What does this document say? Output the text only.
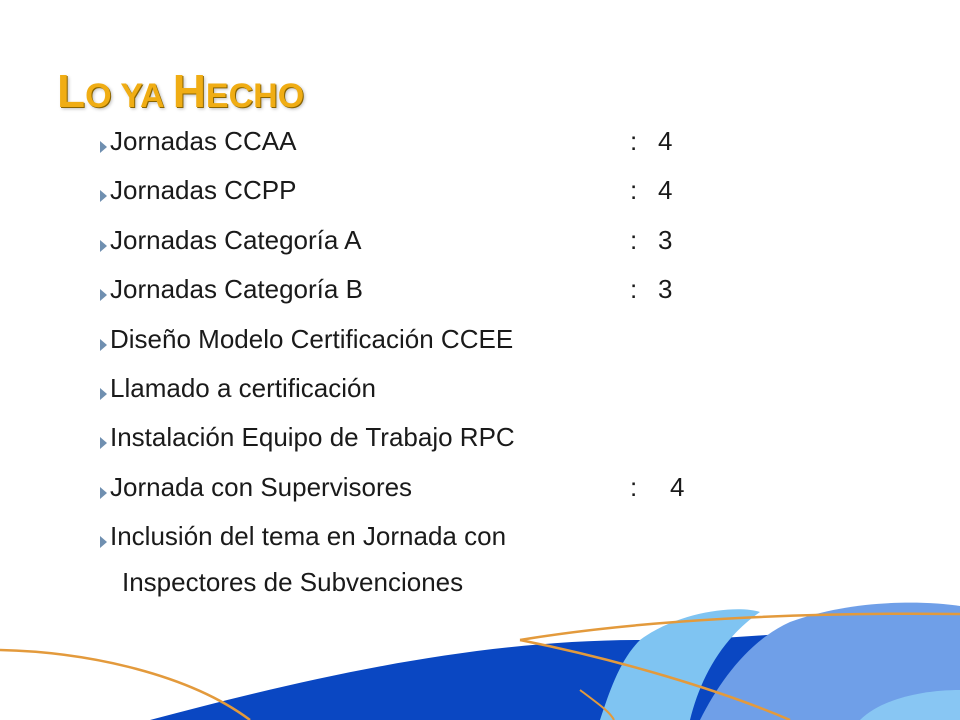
LO YA HECHO
Jornadas CCAA	: 4
Jornadas CCPP	: 4
Jornadas Categoría A	: 3
Jornadas Categoría B	: 3
Diseño Modelo Certificación CCEE
Llamado a certificación
Instalación Equipo de Trabajo RPC
Jornada con Supervisores	: 4
Inclusión del tema en Jornada con
Inspectores de Subvenciones
